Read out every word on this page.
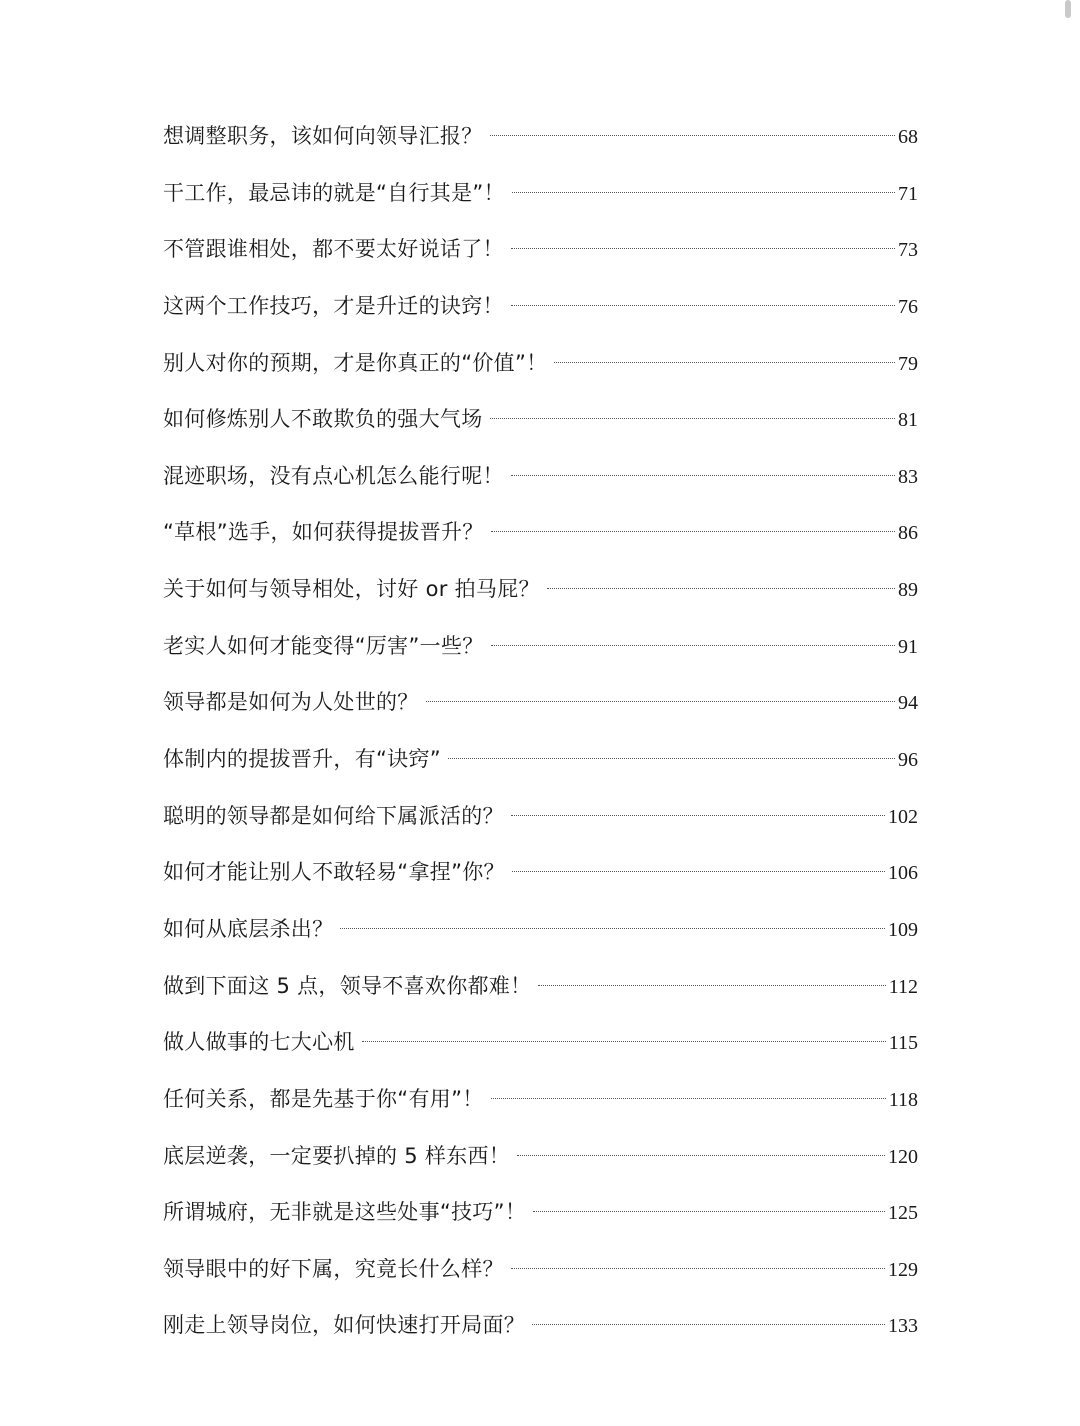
想调整职务，该如何向领导汇报？	68
干工作，最忌讳的就是“自行其是”！	71
不管跟谁相处，都不要太好说话了！	73
这两个工作技巧，才是升迁的诀窍！	76
别人对你的预期，才是你真正的“价值”！	79
如何修炼别人不敢欺负的强大气场	81
混迹职场，没有点心机怎么能行呢！	83
“草根”选手，如何获得提拔晋升？	86
关于如何与领导相处，讨好 or 拍马屁？	89
老实人如何才能变得“厉害”一些？	91
领导都是如何为人处世的？	94
体制内的提拔晋升，有“诀窍”	96
聪明的领导都是如何给下属派活的？	102
如何才能让别人不敢轻易“拿捏”你？	106
如何从底层杀出？	109
做到下面这 5 点，领导不喜欢你都难！	112
做人做事的七大心机	115
任何关系，都是先基于你“有用”！	118
底层逆袭，一定要扒掉的 5 样东西！	120
所谓城府，无非就是这些处事“技巧”！	125
领导眼中的好下属，究竟长什么样？	129
刚走上领导岗位，如何快速打开局面？	133
